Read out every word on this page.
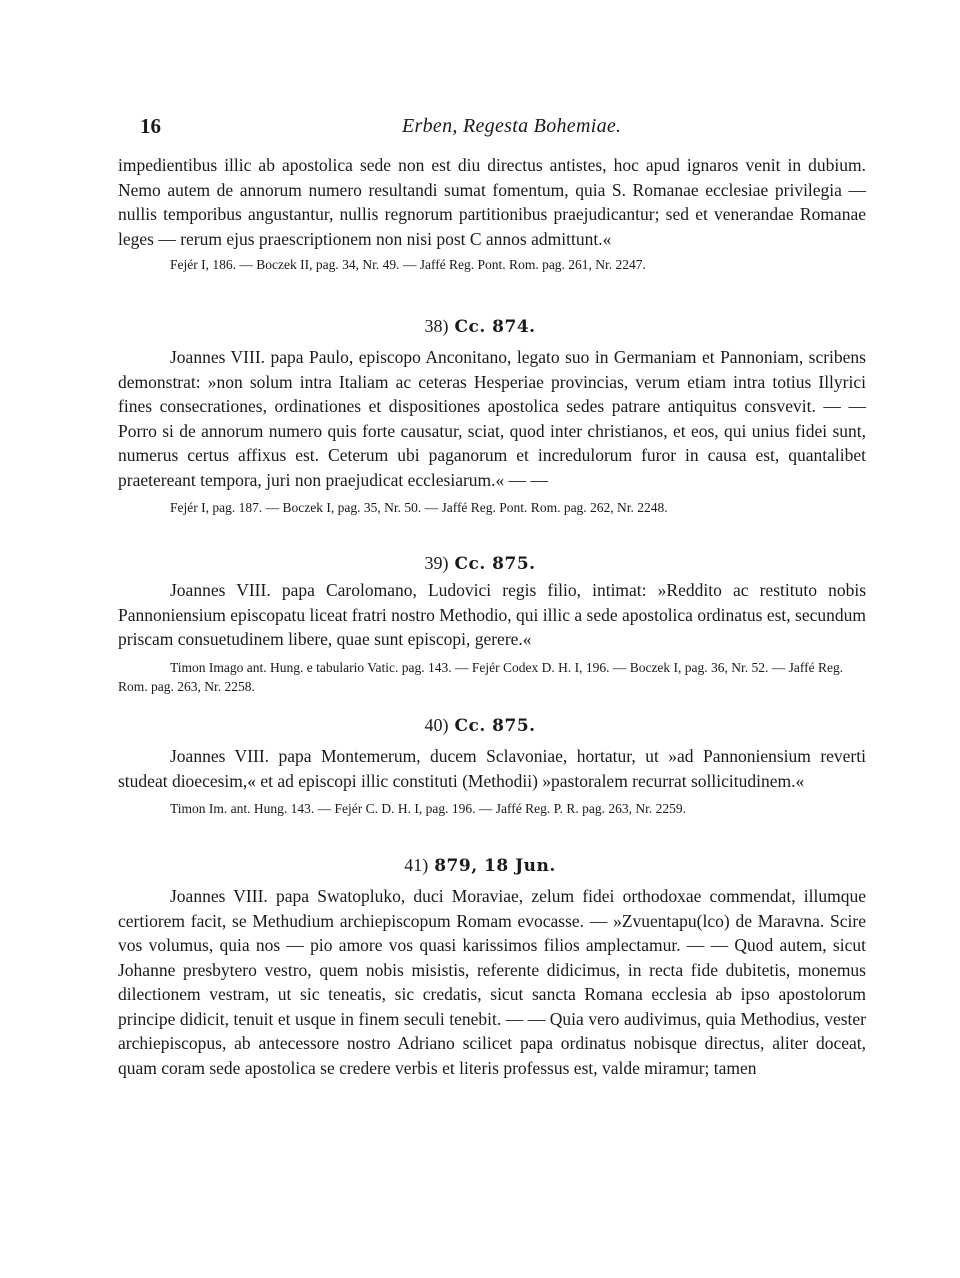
16	Erben, Regesta Bohemiae.

impedientibus illic ab apostolica sede non est diu directus antistes, hoc apud ignaros venit in dubium. Nemo autem de annorum numero resultandi sumat fomentum, quia S. Romanae ecclesiae privilegia — nullis temporibus angustantur, nullis regnorum partitionibus praejudicantur; sed et venerandae Romanae leges — rerum ejus praescriptionem non nisi post C annos admittunt.«

Fejér I, 186. — Boczek II, pag. 34, Nr. 49. — Jaffé Reg. Pont. Rom. pag. 261, Nr. 2247.

38) Cc. 874.

Joannes VIII. papa Paulo, episcopo Anconitano, legato suo in Germaniam et Pannoniam, scribens demonstrat: »non solum intra Italiam ac ceteras Hesperiae provincias, verum etiam intra totius Illyrici fines consecrationes, ordinationes et dispositiones apostolica sedes patrare antiquitus consvevit. — — Porro si de annorum numero quis forte causatur, sciat, quod inter christianos, et eos, qui unius fidei sunt, numerus certus affixus est. Ceterum ubi paganorum et incredulorum furor in causa est, quantalibet praetereant tempora, juri non praejudicat ecclesiarum.« — —

Fejér I, pag. 187. — Boczek I, pag. 35, Nr. 50. — Jaffé Reg. Pont. Rom. pag. 262, Nr. 2248.

39) Cc. 875.

Joannes VIII. papa Carolomano, Ludovici regis filio, intimat: »Reddito ac restituto nobis Pannoniensium episcopatu liceat fratri nostro Methodio, qui illic a sede apostolica ordinatus est, secundum priscam consuetudinem libere, quae sunt episcopi, gerere.«

Timon Imago ant. Hung. e tabulario Vatic. pag. 143. — Fejér Codex D. H. I, 196. — Boczek I, pag. 36, Nr. 52. — Jaffé Reg. Rom. pag. 263, Nr. 2258.

40) Cc. 875.

Joannes VIII. papa Montemerum, ducem Sclavoniae, hortatur, ut »ad Pannoniensium reverti studeat dioecesim,« et ad episcopi illic constituti (Methodii) »pastoralem recurrat sollicitudinem.«

Timon Im. ant. Hung. 143. — Fejér C. D. H. I, pag. 196. — Jaffé Reg. P. R. pag. 263, Nr. 2259.

41) 879, 18 Jun.

Joannes VIII. papa Swatopluko, duci Moraviae, zelum fidei orthodoxae commendat, illumque certiorem facit, se Methudium archiepiscopum Romam evocasse. — »Zvuentapu(lco) de Maravna. Scire vos volumus, quia nos — pio amore vos quasi karissimos filios amplectamur. — — Quod autem, sicut Johanne presbytero vestro, quem nobis misistis, referente didicimus, in recta fide dubitetis, monemus dilectionem vestram, ut sic teneatis, sic credatis, sicut sancta Romana ecclesia ab ipso apostolorum principe didicit, tenuit et usque in finem seculi tenebit. — — Quia vero audivimus, quia Methodius, vester archiepiscopus, ab antecessore nostro Adriano scilicet papa ordinatus nobisque directus, aliter doceat, quam coram sede apostolica se credere verbis et literis professus est, valde miramur; tamen
